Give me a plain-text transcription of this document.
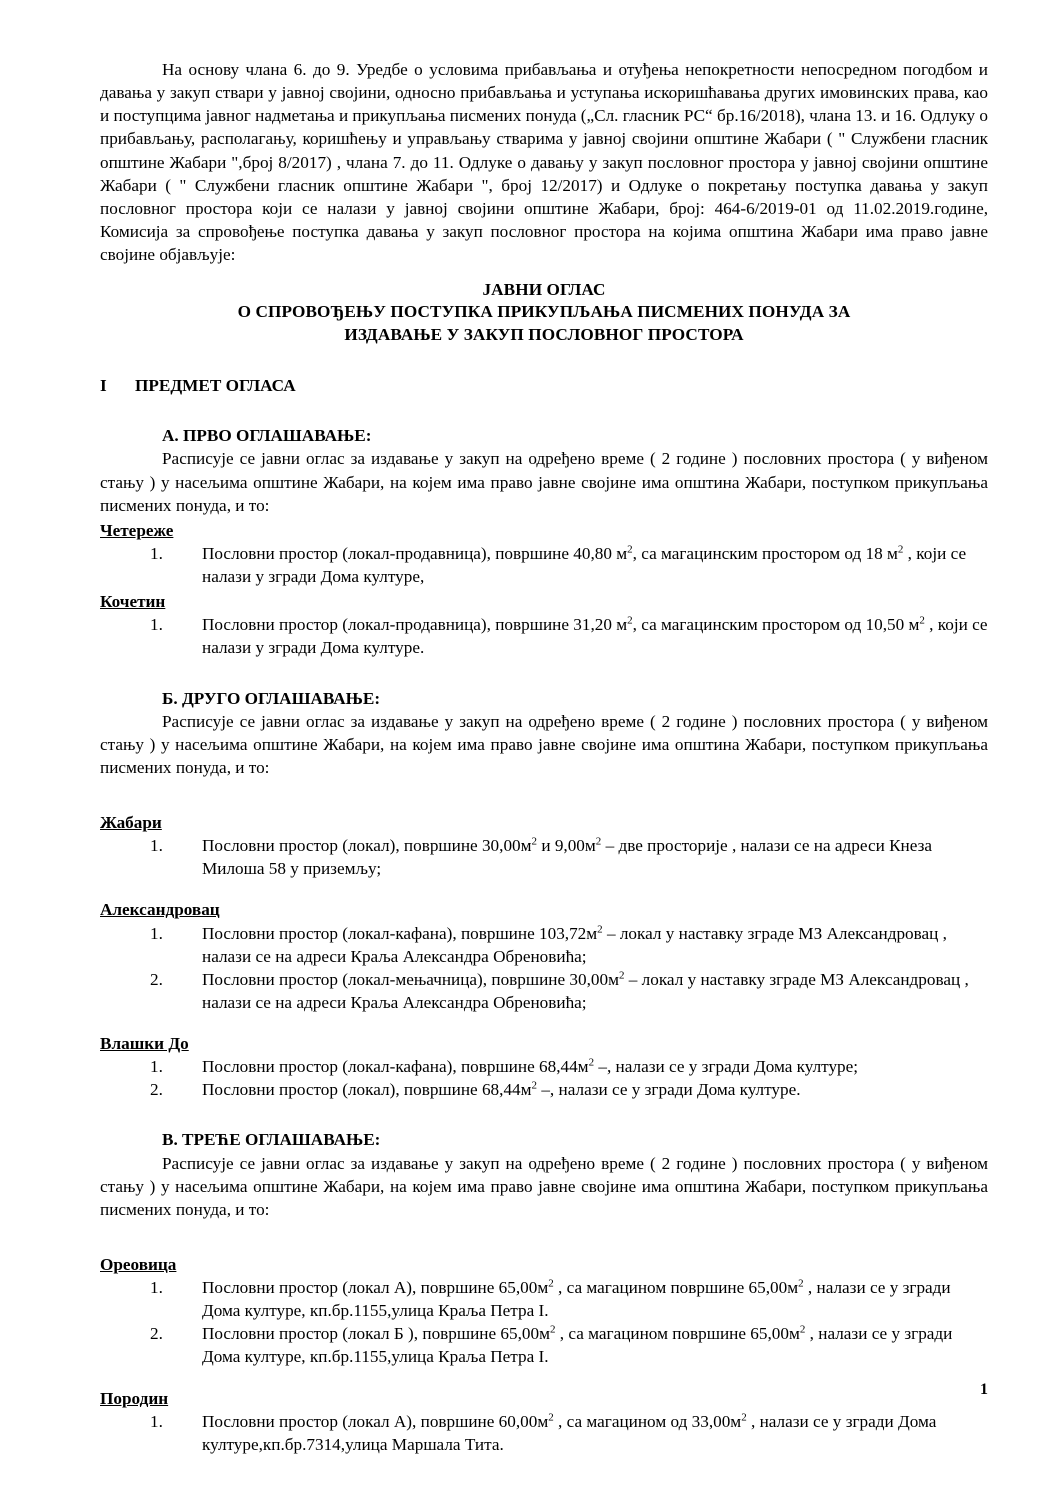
На основу члана 6. до 9. Уредбе о условима прибављања и отуђења непокретности непосредном погодбом и давања у закуп ствари у јавној својини, односно прибављања и уступања искоришћавања других имовинских права, као и поступцима јавног надметања и прикупљања писмених понуда („Сл. гласник РС“ бр.16/2018), члана 13. и 16. Одлуку о прибављању, располагању, коришћењу и управљању стварима у јавној својини општине Жабари ( " Службени гласник општине Жабари ",број 8/2017) , члана 7. до 11. Одлуке о давању у закуп пословног простора у јавној својини општине Жабари ( " Службени гласник општине Жабари ", број 12/2017) и Одлуке о покретању поступка давања у закуп пословног простора који се налази у јавној својини општине Жабари, број: 464-6/2019-01 од 11.02.2019.године, Комисија за спровођење поступка давања у закуп пословног простора на којима општина Жабари има право јавне својине објављује:

ЈАВНИ ОГЛАС
О СПРОВОЂЕЊУ ПОСТУПКА ПРИКУПЉАЊА ПИСМЕНИХ ПОНУДА ЗА
ИЗДАВАЊЕ У ЗАКУП ПОСЛОВНОГ ПРОСТОРА
I ПРЕДМЕТ ОГЛАСА
А. ПРВО ОГЛАШАВАЊЕ:

Расписује се јавни оглас за издавање у закуп на одређено време ( 2 године ) пословних простора ( у виђеном стању ) у насељима општине Жабари, на којем има право јавне својине има општина Жабари, поступком прикупљања писмених понуда, и то:

Четереже
1.	Пословни простор (локал-продавница), површине 40,80 $м^2$, са магацинским простором од 18 $м^2$ , који се налази у згради Дома културе,
Кочетин
1.	Пословни простор (локал-продавница), површине 31,20 $м^2$, са магацинским простором од 10,50 $м^2$ , који се налази у згради Дома културе.
Б. ДРУГО ОГЛАШАВАЊЕ:

Расписује се јавни оглас за издавање у закуп на одређено време ( 2 године ) пословних простора ( у виђеном стању ) у насељима општине Жабари, на којем има право јавне својине има општина Жабари, поступком прикупљања писмених понуда, и то:

Жабари
1.	Пословни простор (локал), површине $30,00м^2$ и $9,00м^2$ – две просторије , налази се на адреси Кнеза Милоша 58 у приземљу;
Александровац
1.	Пословни простор (локал-кафана), површине $103,72м^2$ – локал у наставку зграде МЗ Александровац , налази се на адреси Краља Александра Обреновића;
2.	Пословни простор (локал-мењачница), површине $30,00м^2$ – локал у наставку зграде МЗ Александровац , налази се на адреси Краља Александра Обреновића;
Влашки До
1.	Пословни простор (локал-кафана), површине $68,44м^2$ –, налази се у згради Дома културе;
2.	Пословни простор (локал), површине $68,44м^2$ –, налази се у згради Дома културе.
В. ТРЕЋЕ ОГЛАШАВАЊЕ:

Расписује се јавни оглас за издавање у закуп на одређено време ( 2 године ) пословних простора ( у виђеном стању ) у насељима општине Жабари, на којем има право јавне својине има општина Жабари, поступком прикупљања писмених понуда, и то:

Ореовица
1.	Пословни простор (локал А), површине $65,00м^2$ , са магацином површине $65,00м^2$ , налази се у згради Дома културе, кп.бр.1155,улица Краља Петра I.
2.	Пословни простор (локал Б ), површине $65,00м^2$ , са магацином површине $65,00м^2$ , налази се у згради Дома културе, кп.бр.1155,улица Краља Петра I.
Породин
1.	Пословни простор (локал А), површине $60,00м^2$ , са магацином од $33,00м^2$ , налази се у згради Дома културе,кп.бр.7314,улица Маршала Тита.
1
